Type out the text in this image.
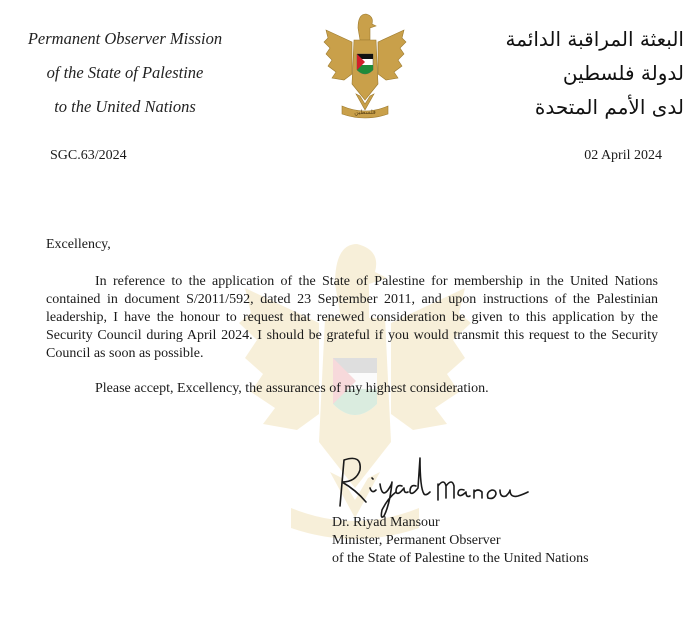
Permanent Observer Mission
of the State of Palestine
to the United Nations	فلسطين
البعثة المراقبة الدائمة
لدولة فلسطين
لدى الأمم المتحدة
SGC.63/2024	02 April 2024
Excellency,
In reference to the application of the State of Palestine for membership in the United Nations contained in document S/2011/592, dated 23 September 2011, and upon instructions of the Palestinian leadership, I have the honour to request that renewed consideration be given to this application by the Security Council during April 2024. I should be grateful if you would transmit this request to the Security Council as soon as possible.
Please accept, Excellency, the assurances of my highest consideration.
Dr. Riyad Mansour
Minister, Permanent Observer
of the State of Palestine to the United Nations
